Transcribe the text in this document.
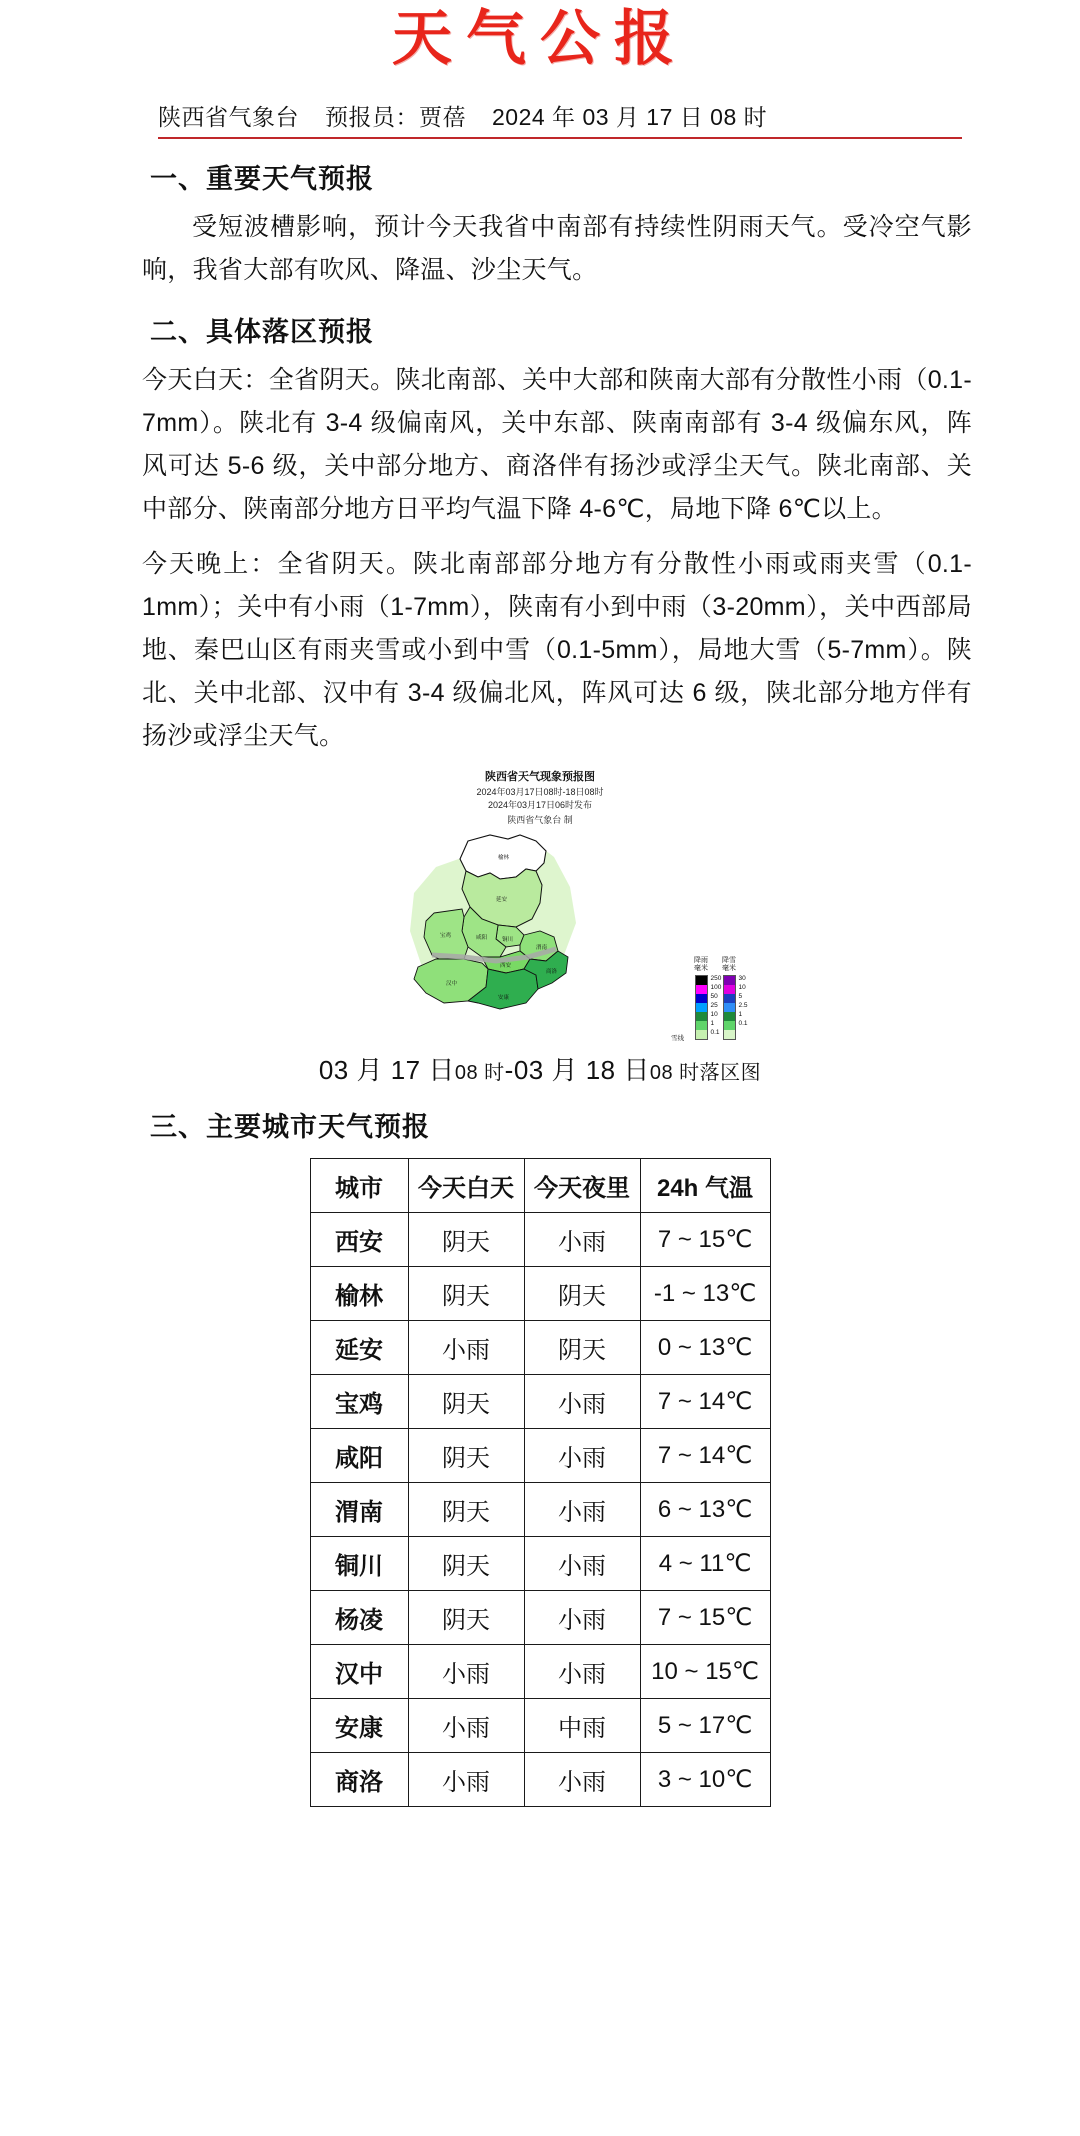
天气公报
陕西省气象台 预报员：贾蓓 2024 年 03 月 17 日 08 时
一、重要天气预报
受短波槽影响，预计今天我省中南部有持续性阴雨天气。受冷空气影响，我省大部有吹风、降温、沙尘天气。
二、具体落区预报
今天白天：全省阴天。陕北南部、关中大部和陕南大部有分散性小雨（0.1-7mm）。陕北有 3-4 级偏南风，关中东部、陕南南部有 3-4 级偏东风，阵风可达 5-6 级，关中部分地方、商洛伴有扬沙或浮尘天气。陕北南部、关中部分、陕南部分地方日平均气温下降 4-6℃，局地下降 6℃以上。
今天晚上：全省阴天。陕北南部部分地方有分散性小雨或雨夹雪（0.1-1mm）；关中有小雨（1-7mm），陕南有小到中雨（3-20mm），关中西部局地、秦巴山区有雨夹雪或小到中雪（0.1-5mm），局地大雪（5-7mm）。陕北、关中北部、汉中有 3-4 级偏北风，阵风可达 6 级，陕北部分地方伴有扬沙或浮尘天气。
陕西省天气现象预报图
2024年03月17日08时-18日08时
2024年03月17日06时发布
陕西省气象台 制
榆林
延安
铜川
宝鸡	咸阳
西安
渭南
汉中
安康
商洛
降雨
毫米
250
100
50
25
10
1
0.1
降雪
毫米
30
10
5
2.5
1
0.1
雪线
03 月 17 日08 时-03 月 18 日08 时落区图
三、主要城市天气预报
城市	今天白天	今天夜里	24h 气温
西安	阴天	小雨	7 ~ 15℃
榆林	阴天	阴天	-1 ~ 13℃
延安	小雨	阴天	0 ~ 13℃
宝鸡	阴天	小雨	7 ~ 14℃
咸阳	阴天	小雨	7 ~ 14℃
渭南	阴天	小雨	6 ~ 13℃
铜川	阴天	小雨	4 ~ 11℃
杨凌	阴天	小雨	7 ~ 15℃
汉中	小雨	小雨	10 ~ 15℃
安康	小雨	中雨	5 ~ 17℃
商洛	小雨	小雨	3 ~ 10℃
